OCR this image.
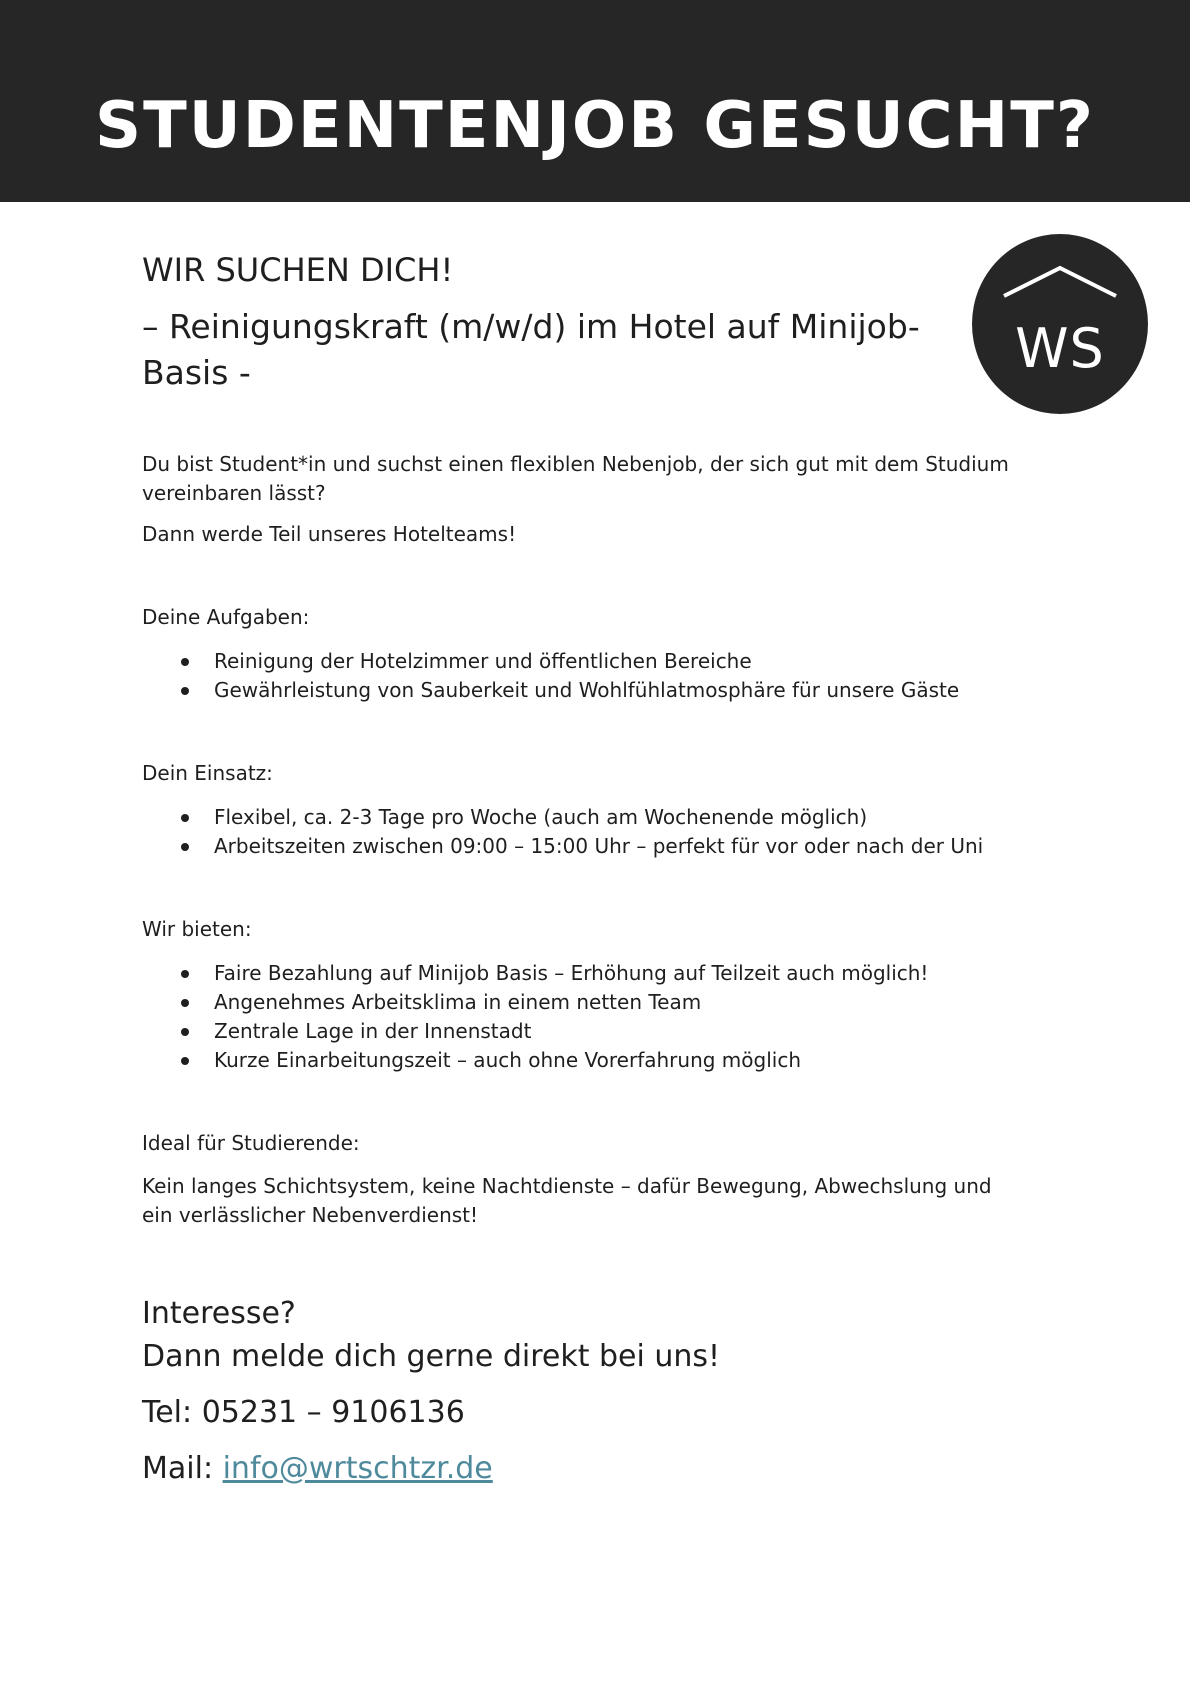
STUDENTENJOB GESUCHT?
WS
WIR SUCHEN DICH!
– Reinigungskraft (m/w/d) im Hotel auf Minijob-Basis -

Du bist Student*in und suchst einen flexiblen Nebenjob, der sich gut mit dem Studium vereinbaren lässt?

Dann werde Teil unseres Hotelteams!

Deine Aufgaben:

Reinigung der Hotelzimmer und öffentlichen Bereiche
Gewährleistung von Sauberkeit und Wohlfühlatmosphäre für unsere Gäste

Dein Einsatz:

Flexibel, ca. 2-3 Tage pro Woche (auch am Wochenende möglich)
Arbeitszeiten zwischen 09:00 – 15:00 Uhr – perfekt für vor oder nach der Uni

Wir bieten:

Faire Bezahlung auf Minijob Basis – Erhöhung auf Teilzeit auch möglich!
Angenehmes Arbeitsklima in einem netten Team
Zentrale Lage in der Innenstadt
Kurze Einarbeitungszeit – auch ohne Vorerfahrung möglich

Ideal für Studierende:

Kein langes Schichtsystem, keine Nachtdienste – dafür Bewegung, Abwechslung und ein verlässlicher Nebenverdienst!

Interesse?
Dann melde dich gerne direkt bei uns!

Tel: 05231 – 9106136

Mail: info@wrtschtzr.de
